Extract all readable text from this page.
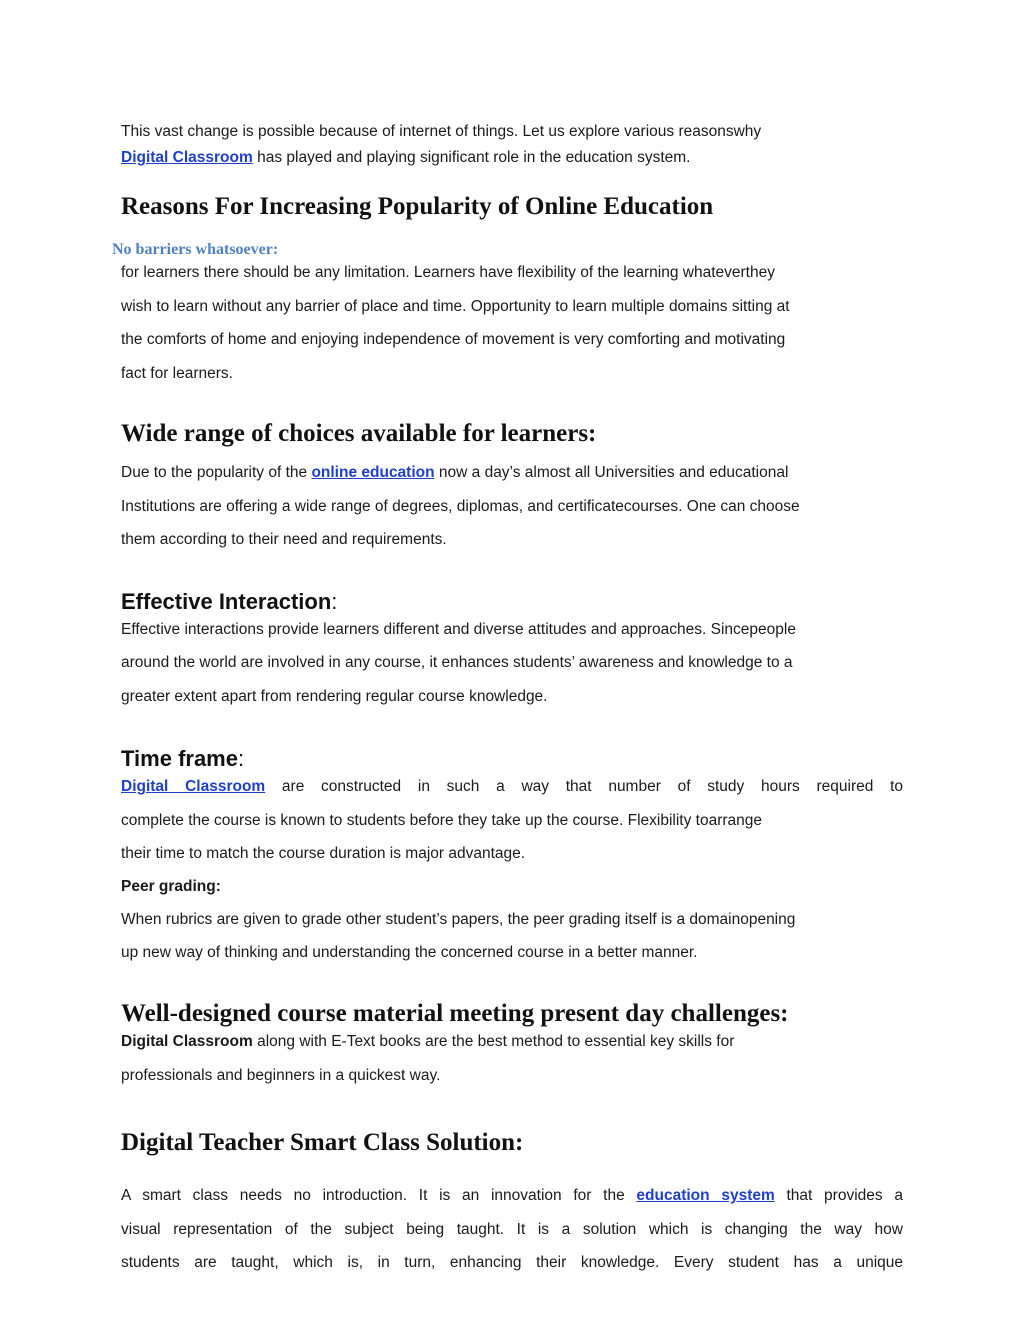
This vast change is possible because of internet of things. Let us explore various reasonswhy
Digital Classroom has played and playing significant role in the education system.
Reasons For Increasing Popularity of Online Education
No barriers whatsoever:
for learners there should be any limitation. Learners have flexibility of the learning whateverthey
wish to learn without any barrier of place and time. Opportunity to learn multiple domains sitting at
the comforts of home and enjoying independence of movement is very comforting and motivating
fact for learners.
Wide range of choices available for learners:
Due to the popularity of the online education now a day’s almost all Universities and educational
Institutions are offering a wide range of degrees, diplomas, and certificatecourses. One can choose
them according to their need and requirements.
Effective Interaction:
Effective interactions provide learners different and diverse attitudes and approaches. Sincepeople
around the world are involved in any course, it enhances students’ awareness and knowledge to a
greater extent apart from rendering regular course knowledge.
Time frame:
Digital Classroom are constructed in such a way that number of study hours required to
complete the course is known to students before they take up the course. Flexibility toarrange
their time to match the course duration is major advantage.
Peer grading:
When rubrics are given to grade other student’s papers, the peer grading itself is a domainopening
up new way of thinking and understanding the concerned course in a better manner.
Well-designed course material meeting present day challenges:
Digital Classroom along with E-Text books are the best method to essential key skills for
professionals and beginners in a quickest way.
Digital Teacher Smart Class Solution:
A smart class needs no introduction. It is an innovation for the education system that provides a
visual representation of the subject being taught. It is a solution which is changing the way how
students are taught, which is, in turn, enhancing their knowledge. Every student has a unique
